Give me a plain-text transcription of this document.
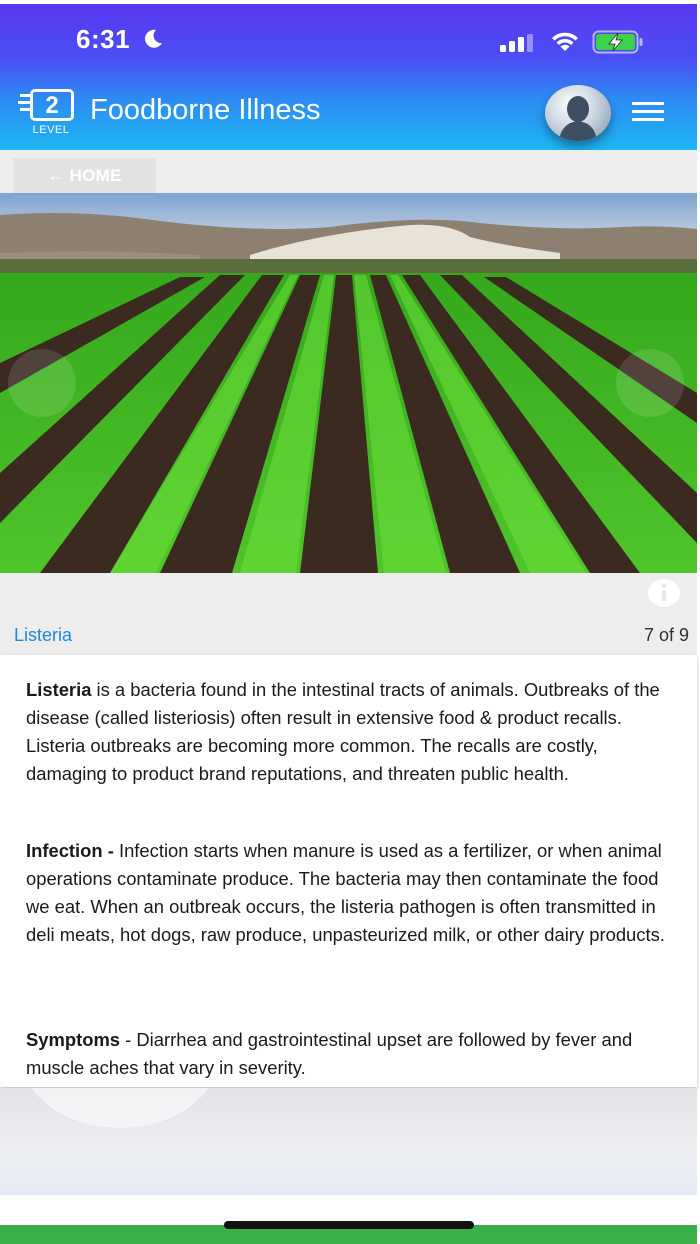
6:31
2
LEVEL
Foodborne Illness
← HOME
Listeria	7 of 9

Listeria is a bacteria found in the intestinal tracts of animals. Outbreaks of the disease (called listeriosis) often result in extensive food & product recalls. Listeria outbreaks are becoming more common. The recalls are costly, damaging to product brand reputations, and threaten public health.

Infection - Infection starts when manure is used as a fertilizer, or when animal operations contaminate produce. The bacteria may then contaminate the food we eat. When an outbreak occurs, the listeria pathogen is often transmitted in deli meats, hot dogs, raw produce, unpasteurized milk, or other dairy products.

Symptoms - Diarrhea and gastrointestinal upset are followed by fever and muscle aches that vary in severity.
